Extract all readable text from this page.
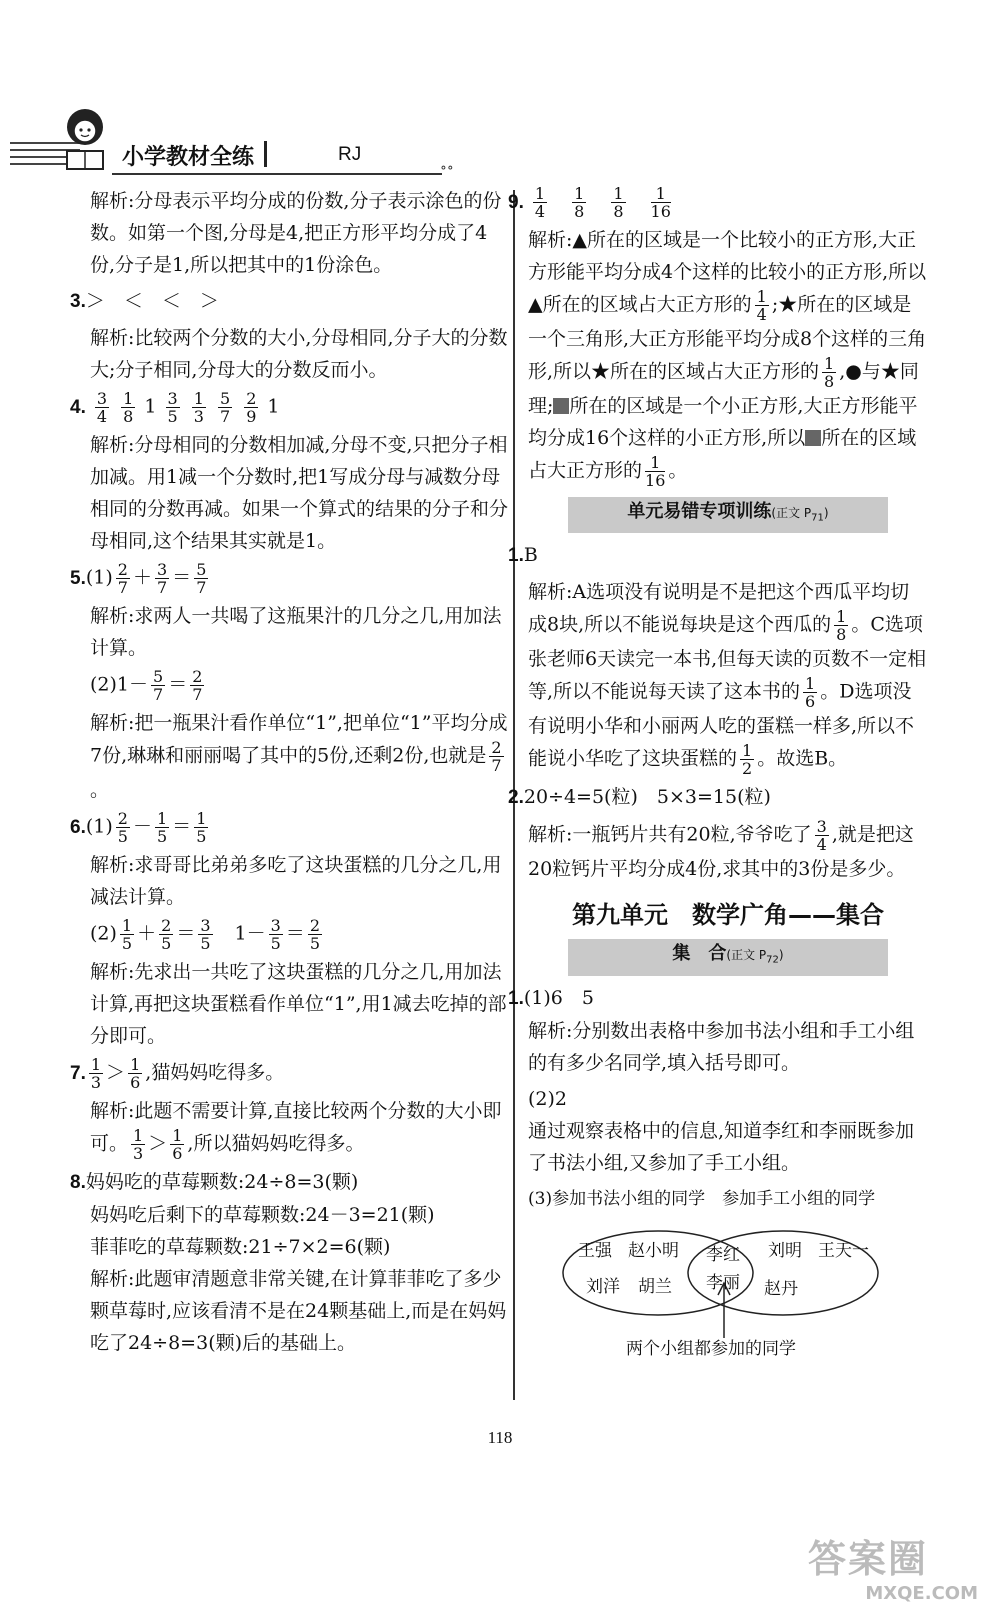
小学教材全练	RJ
∘∘

解析:分母表示平均分成的份数,分子表示涂色的份数。如第一个图,分母是4,把正方形平均分成了4份,分子是1,所以把其中的1份涂色。

3.＞　＜　＜　＞

解析:比较两个分数的大小,分母相同,分子大的分数大;分子相同,分母大的分数反而小。

4. $\frac{3}{4}$
$\frac{1}{8} 1 \frac{3}{5}$
$\frac{1}{3}$
$\frac{5}{7}$
$\frac{2}{9} 1$

解析:分母相同的分数相加减,分母不变,只把分子相加减。用1减一个分数时,把1写成分母与减数分母相同的分数再减。如果一个算式的结果的分子和分母相同,这个结果其实就是1。

$5.(1) \frac{2}{7} + \frac{3}{7} = \frac{5}{7}$

解析:求两人一共喝了这瓶果汁的几分之几,用加法计算。

$(2)1- \frac{5}{7} = \frac{2}{7}$

解析:把一瓶果汁看作单位“1”,把单位“1”平均分成7份,琳琳和丽丽喝了其中的5份,还剩2份,也就是 $\frac{2}{7}$
。

$6.(1) \frac{2}{5} - \frac{1}{5} = \frac{1}{5}$

解析:求哥哥比弟弟多吃了这块蛋糕的几分之几,用减法计算。

$(2) \frac{1}{5} + \frac{2}{5} = \frac{3}{5}$ 　$1- \frac{3}{5} = \frac{2}{5}$

解析:先求出一共吃了这块蛋糕的几分之几,用加法计算,再把这块蛋糕看作单位“1”,用1减去吃掉的部分即可。

7. $\frac{1}{3} > \frac{1}{6}$ ,猫妈妈吃得多。

解析:此题不需要计算,直接比较两个分数的大小即可。 $\frac{1}{3} > \frac{1}{6}$ ,所以猫妈妈吃得多。

8.妈妈吃的草莓颗数:24÷8=3(颗)

妈妈吃后剩下的草莓颗数:24－3=21(颗)

菲菲吃的草莓颗数:21÷7×2=6(颗)

解析:此题审清题意非常关键,在计算菲菲吃了多少颗草莓时,应该看清不是在24颗基础上,而是在妈妈吃了24÷8=3(颗)后的基础上。

9. $\frac{1}{4}$
　 $\frac{1}{8}$
　 $\frac{1}{8}$
　 $\frac{1}{16}$

解析:▲所在的区域是一个比较小的正方形,大正方形能平均分成4个这样的比较小的正方形,所以▲所在的区域占大正方形的 $\frac{1}{4}$ ;★所在的区域是一个三角形,大正方形能平均分成8个这样的三角形,所以★所在的区域占大正方形的 $\frac{1}{8}$ ,●与★同理; 所在的区域是一个小正方形,大正方形能平均分成16个这样的小正方形,所以 所在的区域占大正方形的 $\frac{1}{16}$ 。

单元易错专项训练(正文 $P_{71}$)

1.B

解析:A选项没有说明是不是把这个西瓜平均切成8块,所以不能说每块是这个西瓜的 $\frac{1}{8}$ 。C选项张老师6天读完一本书,但每天读的页数不一定相等,所以不能说每天读了这本书的 $\frac{1}{6}$ 。D选项没有说明小华和小丽两人吃的蛋糕一样多,所以不能说小华吃了这块蛋糕的 $\frac{1}{2}$ 。故选B。

2.20÷4=5(粒)　5×3=15(粒)

解析:一瓶钙片共有20粒,爷爷吃了 $\frac{3}{4}$ ,就是把这20粒钙片平均分成4份,求其中的3份是多少。

第九单元　数学广角——集合
集　合(正文 $P_{72}$)

1.(1)6　5

解析:分别数出表格中参加书法小组和手工小组的有多少名同学,填入括号即可。

(2)2

通过观察表格中的信息,知道李红和李丽既参加了书法小组,又参加了手工小组。

(3)参加书法小组的同学　参加手工小组的同学

王强 赵小明
刘洋 胡兰
李红
李丽
刘明 王天一
赵丹
两个小组都参加的同学
118
答案圈
MXQE.COM
